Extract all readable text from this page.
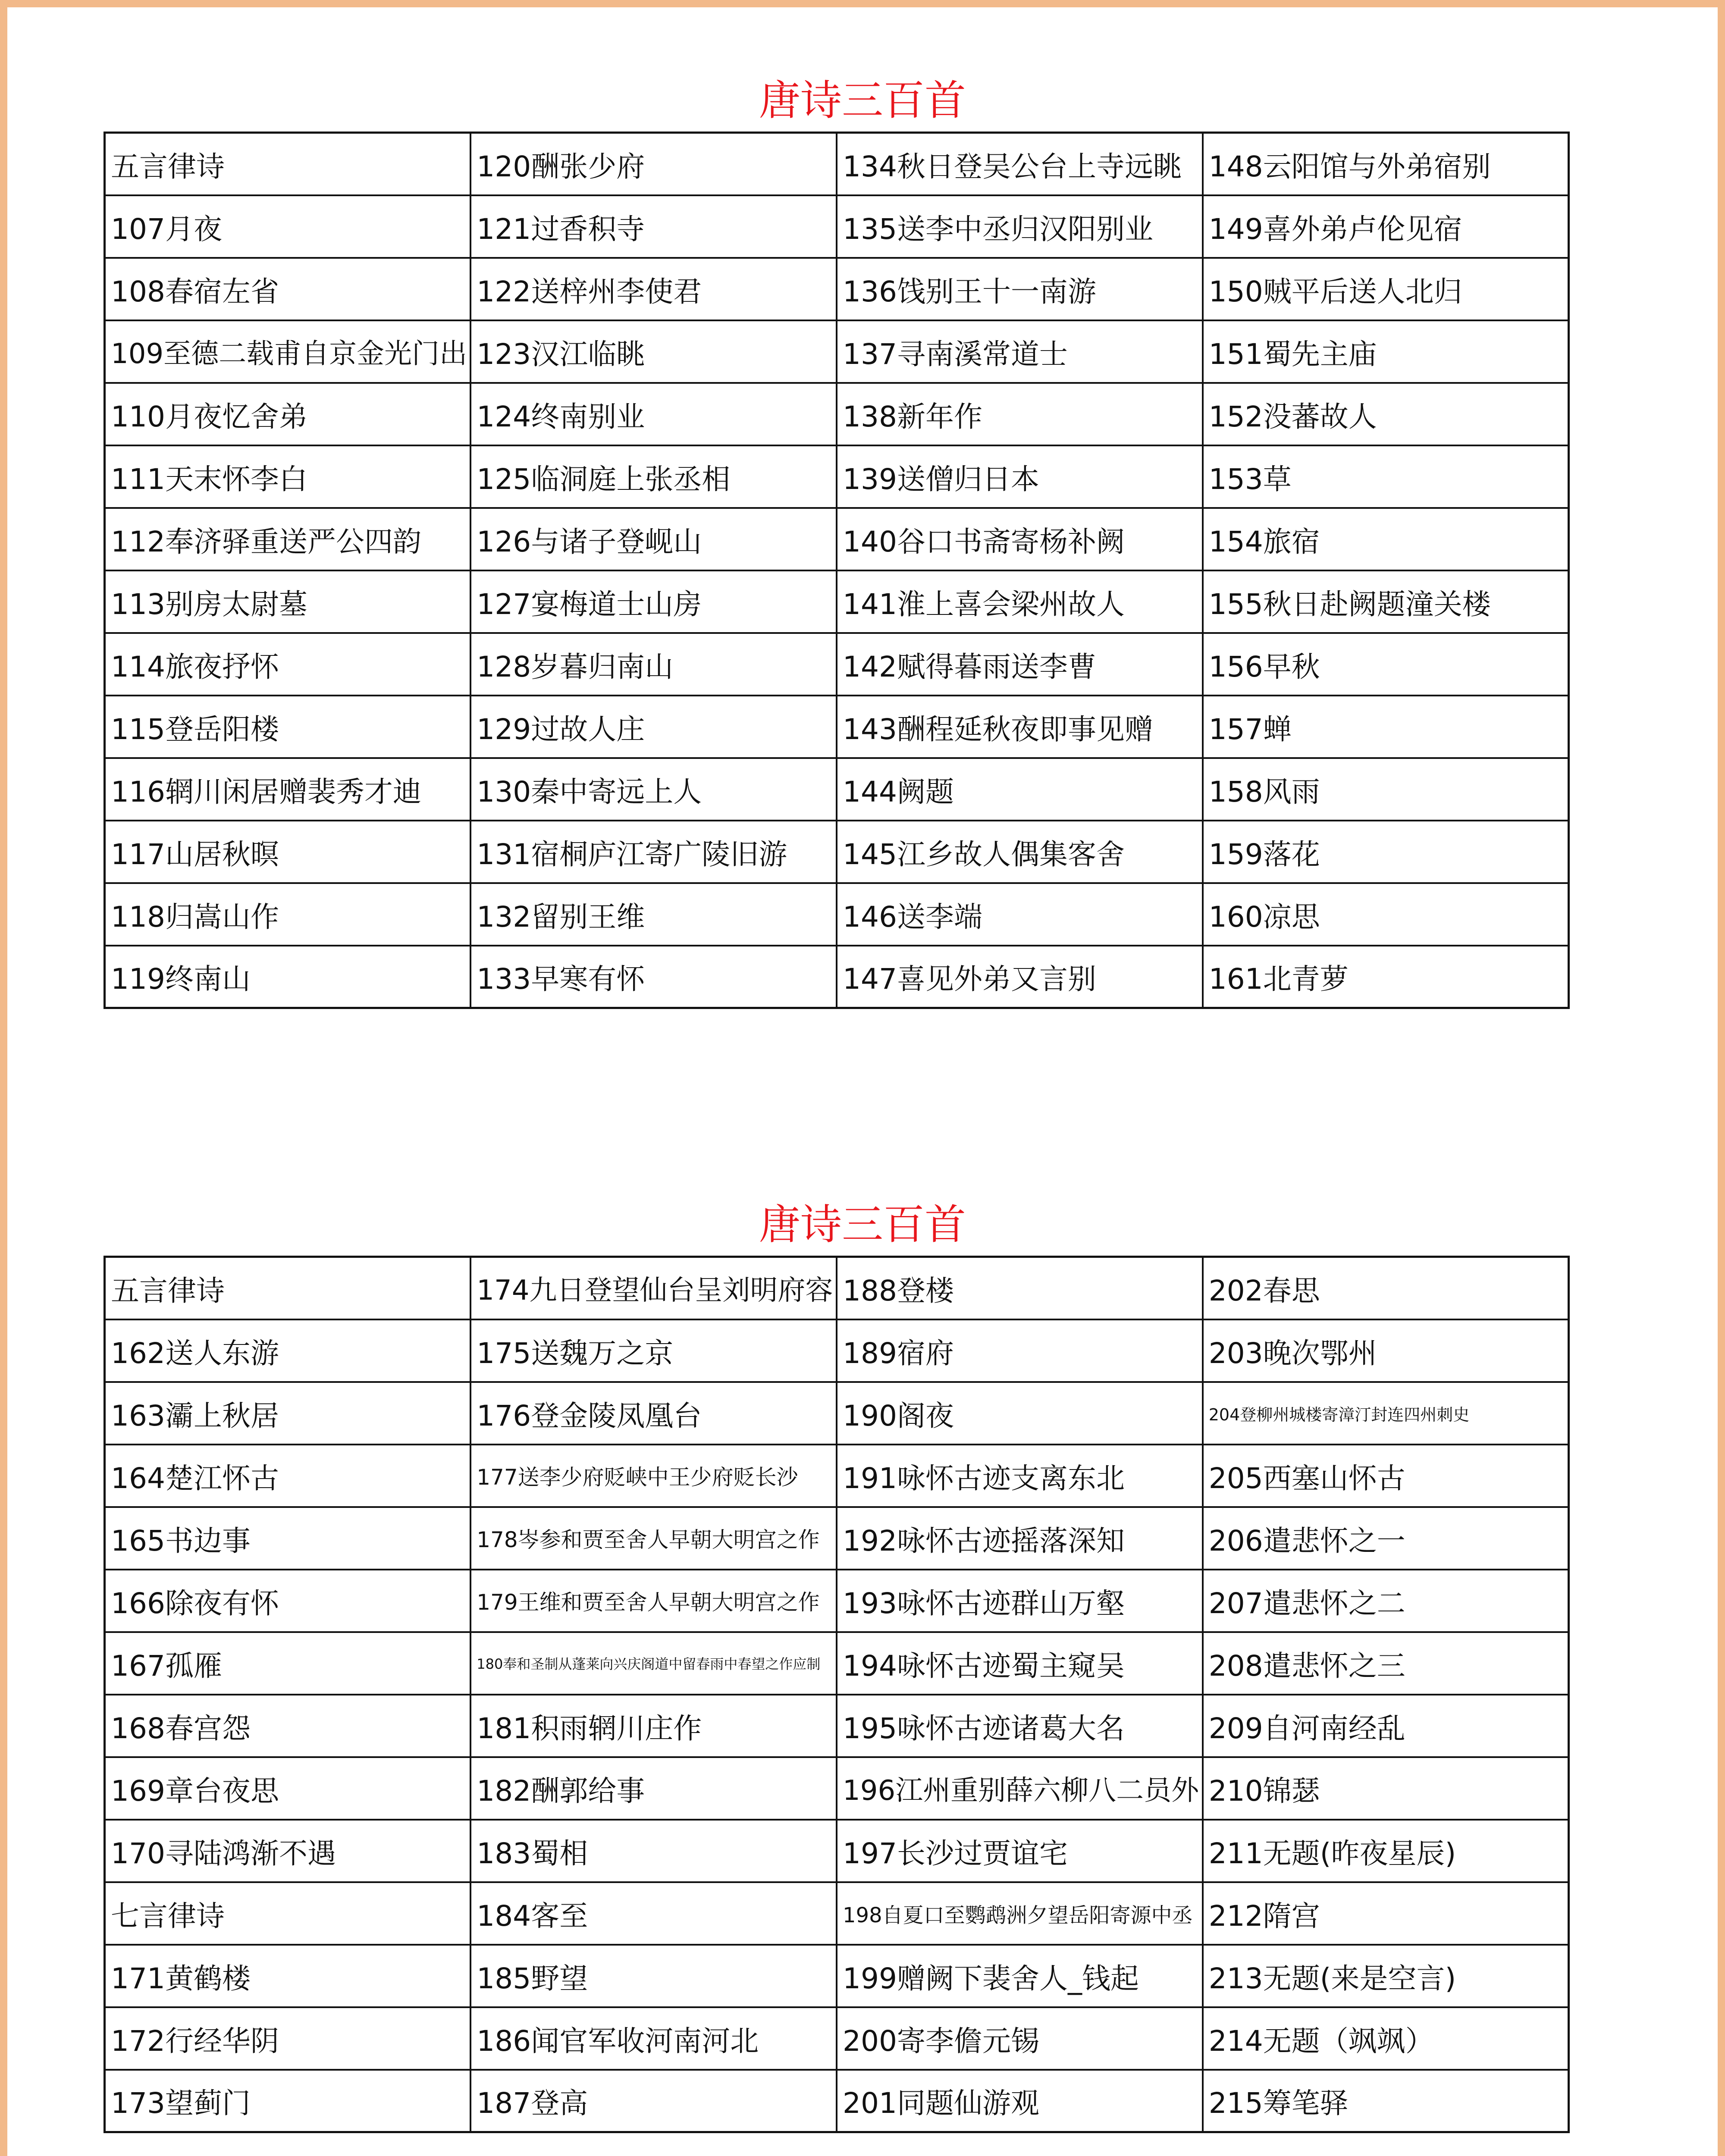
唐诗三百首
五言律诗	120酬张少府	134秋日登吴公台上寺远眺	148云阳馆与外弟宿别
107月夜	121过香积寺	135送李中丞归汉阳别业	149喜外弟卢伦见宿
108春宿左省	122送梓州李使君	136饯别王十一南游	150贼平后送人北归
109至德二载甫自京金光门出	123汉江临眺	137寻南溪常道士	151蜀先主庙
110月夜忆舍弟	124终南别业	138新年作	152没蕃故人
111天末怀李白	125临洞庭上张丞相	139送僧归日本	153草
112奉济驿重送严公四韵	126与诸子登岘山	140谷口书斋寄杨补阙	154旅宿
113别房太尉墓	127宴梅道士山房	141淮上喜会梁州故人	155秋日赴阙题潼关楼
114旅夜抒怀	128岁暮归南山	142赋得暮雨送李曹	156早秋
115登岳阳楼	129过故人庄	143酬程延秋夜即事见赠	157蝉
116辋川闲居赠裴秀才迪	130秦中寄远上人	144阙题	158风雨
117山居秋暝	131宿桐庐江寄广陵旧游	145江乡故人偶集客舍	159落花
118归嵩山作	132留别王维	146送李端	160凉思
119终南山	133早寒有怀	147喜见外弟又言别	161北青萝
唐诗三百首
五言律诗	174九日登望仙台呈刘明府容	188登楼	202春思
162送人东游	175送魏万之京	189宿府	203晚次鄂州
163灞上秋居	176登金陵凤凰台	190阁夜	204登柳州城楼寄漳汀封连四州刺史
164楚江怀古	177送李少府贬峡中王少府贬长沙	191咏怀古迹支离东北	205西塞山怀古
165书边事	178岑参和贾至舍人早朝大明宫之作	192咏怀古迹摇落深知	206遣悲怀之一
166除夜有怀	179王维和贾至舍人早朝大明宫之作	193咏怀古迹群山万壑	207遣悲怀之二
167孤雁	180奉和圣制从蓬莱向兴庆阁道中留春雨中春望之作应制	194咏怀古迹蜀主窥吴	208遣悲怀之三
168春宫怨	181积雨辋川庄作	195咏怀古迹诸葛大名	209自河南经乱
169章台夜思	182酬郭给事	196江州重别薛六柳八二员外	210锦瑟
170寻陆鸿渐不遇	183蜀相	197长沙过贾谊宅	211无题(昨夜星辰)
七言律诗	184客至	198自夏口至鹦鹉洲夕望岳阳寄源中丞	212隋宫
171黄鹤楼	185野望	199赠阙下裴舍人_钱起	213无题(来是空言)
172行经华阴	186闻官军收河南河北	200寄李儋元锡	214无题（飒飒）
173望蓟门	187登高	201同题仙游观	215筹笔驿
